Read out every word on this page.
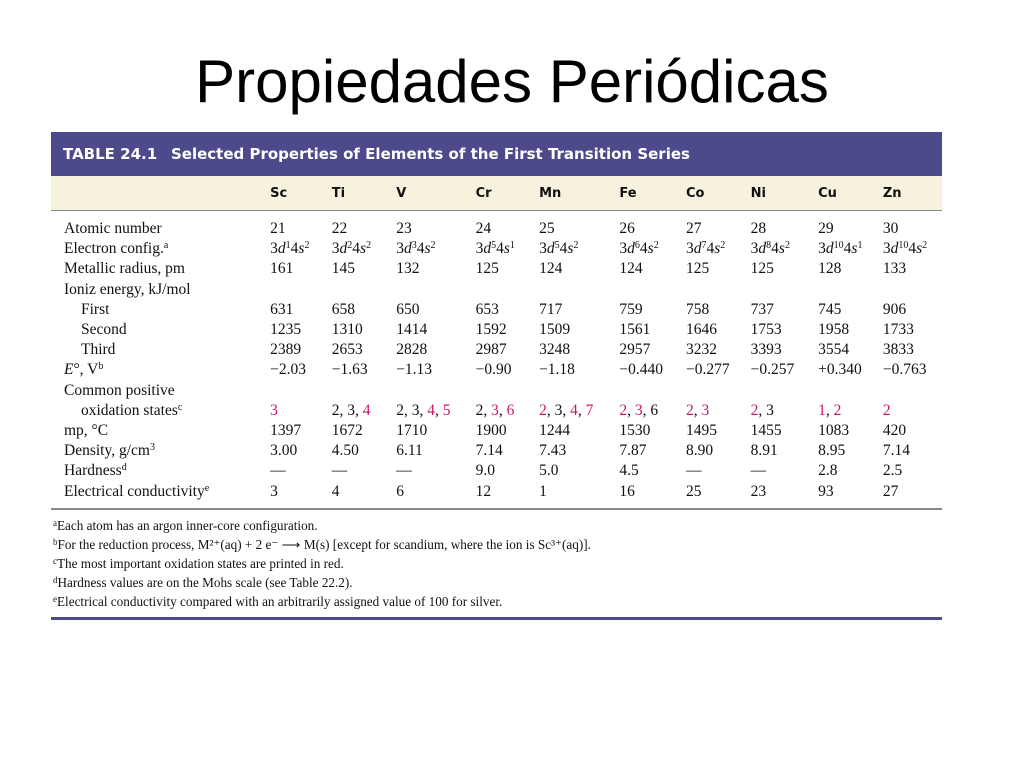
Propiedades Periódicas
TABLE 24.1 Selected Properties of Elements of the First Transition Series
	Sc	Ti	V	Cr	Mn	Fe	Co	Ni	Cu	Zn
Atomic number	21	22	23	24	25	26	27	28	29	30
Electron config.$^a$	$3d^14s^2$	$3d^24s^2$	$3d^34s^2$	$3d^54s^1$	$3d^54s^2$	$3d^64s^2$	$3d^74s^2$	$3d^84s^2$	$3d^{10}4s^1$	$3d^{10}4s^2$
Metallic radius, pm	161	145	132	125	124	124	125	125	128	133
Ioniz energy, kJ/mol										
First	631	658	650	653	717	759	758	737	745	906
Second	1235	1310	1414	1592	1509	1561	1646	1753	1958	1733
Third	2389	2653	2828	2987	3248	2957	3232	3393	3554	3833
E°, $V^b$	−2.03	−1.63	−1.13	−0.90	−1.18	−0.440	−0.277	−0.257	+0.340	−0.763
Common positive										
oxidation states$^c$	3	2, 3, 4	2, 3, 4, 5	2, 3, 6	2, 3, 4, 7	2, 3, 6	2, 3	2, 3	1, 2	2
mp, °C	1397	1672	1710	1900	1244	1530	1495	1455	1083	420
Density, $g/cm^3$	3.00	4.50	6.11	7.14	7.43	7.87	8.90	8.91	8.95	7.14
Hardness$^d$	—	—	—	9.0	5.0	4.5	—	—	2.8	2.5
Electrical conductivity$^e$	3	4	6	12	1	16	25	23	93	27
$^a$Each atom has an argon inner-core configuration.
$^b$For the reduction process, M²⁺(aq) + 2 e⁻ ⟶ M(s) [except for scandium, where the ion is Sc³⁺(aq)].
$^c$The most important oxidation states are printed in red.
$^d$Hardness values are on the Mohs scale (see Table 22.2).
$^e$Electrical conductivity compared with an arbitrarily assigned value of 100 for silver.
